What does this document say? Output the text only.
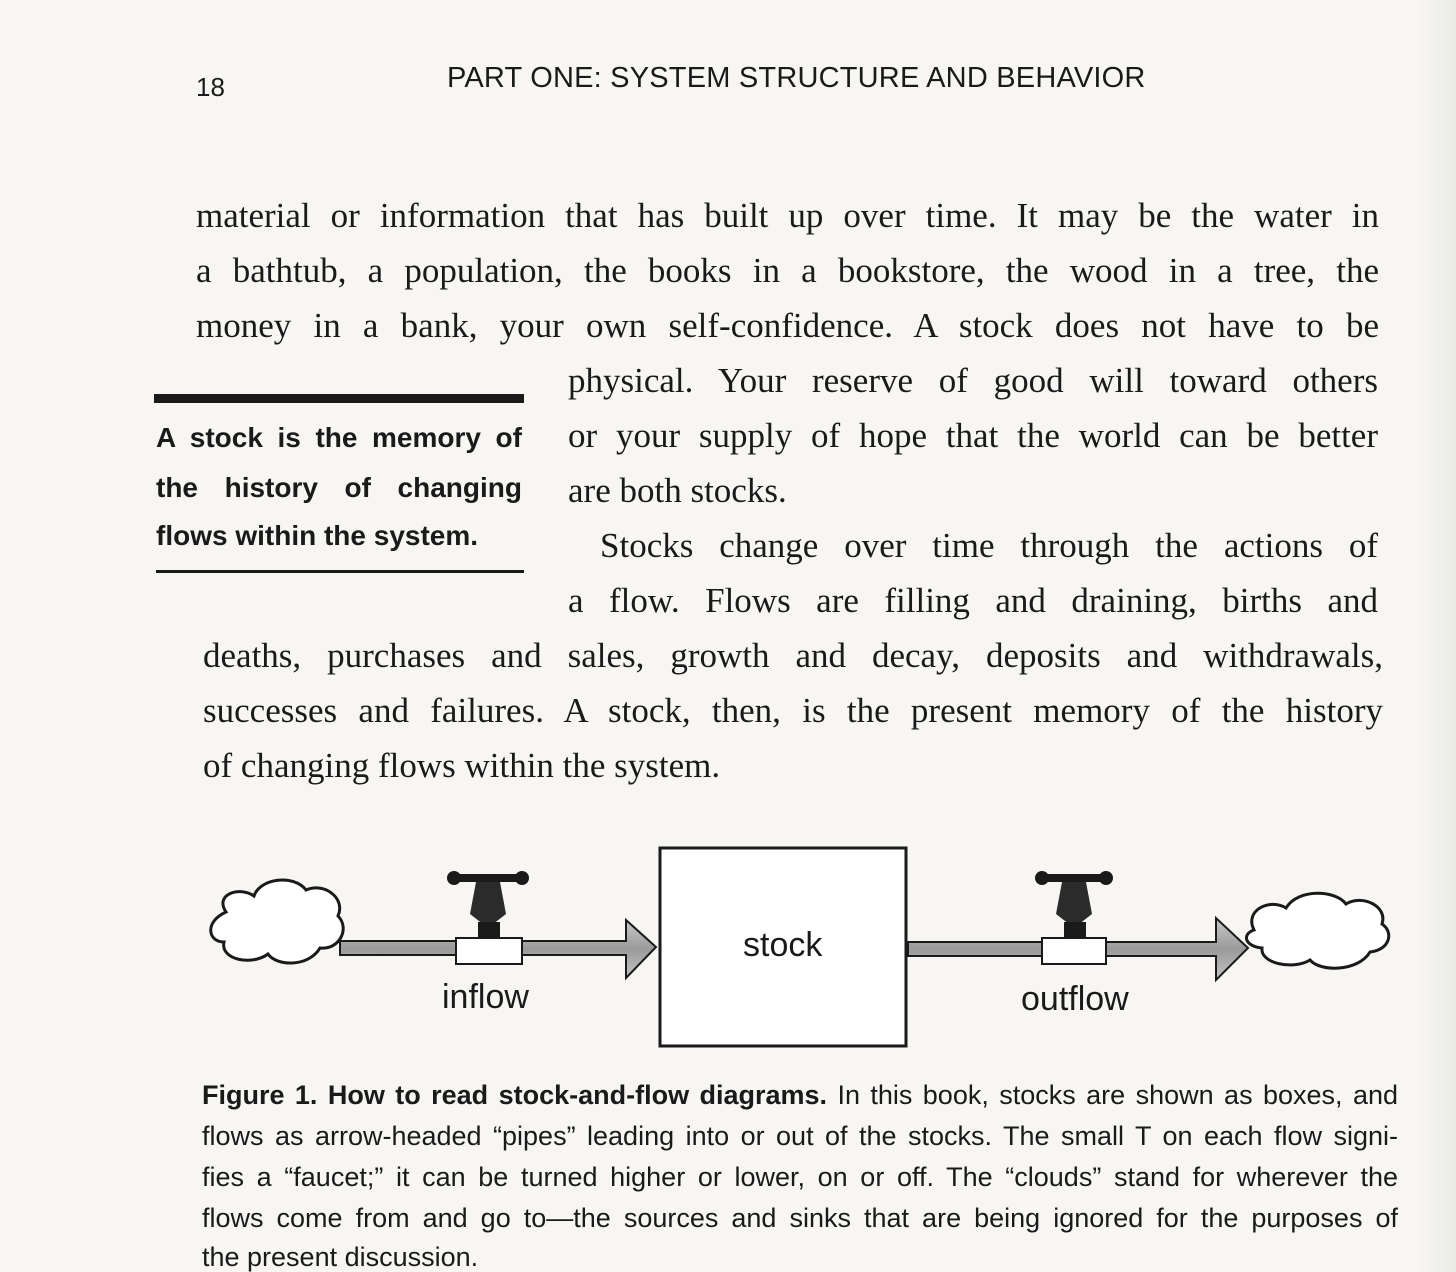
18	PART ONE: SYSTEM STRUCTURE AND BEHAVIOR
material or information that has built up over time. It may be the water in
a bathtub, a population, the books in a bookstore, the wood in a tree, the
money in a bank, your own self-confidence. A stock does not have to be
physical. Your reserve of good will toward others
or your supply of hope that the world can be better
are both stocks.
Stocks change over time through the actions of
a flow. Flows are filling and draining, births and
deaths, purchases and sales, growth and decay, deposits and withdrawals,
successes and failures. A stock, then, is the present memory of the history
of changing flows within the system.
A stock is the memory of
the history of changing
flows within the system.
stock
inflow	outflow
Figure 1. How to read stock-and-flow diagrams. In this book, stocks are shown as boxes, and
flows as arrow-headed “pipes” leading into or out of the stocks. The small T on each flow signi-
fies a “faucet;” it can be turned higher or lower, on or off. The “clouds” stand for wherever the
flows come from and go to—the sources and sinks that are being ignored for the purposes of
the present discussion.
